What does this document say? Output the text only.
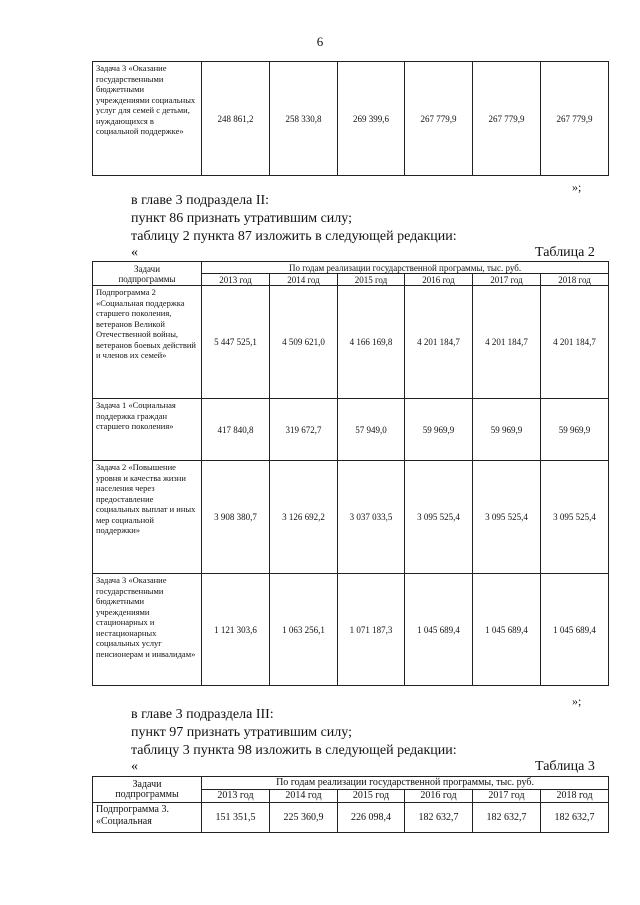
6
Задача 3 «Оказание государственными бюджетными учреждениями социальных услуг для семей с детьми, нуждающихся в социальной поддержке»	248 861,2	258 330,8	269 399,6	267 779,9	267 779,9	267 779,9
»;
в главе 3 подраздела II:
пункт 86 признать утратившим силу;
таблицу 2 пункта 87 изложить в следующей редакции:
«	Таблица 2
Задачи
подпрограммы	По годам реализации государственной программы, тыс. руб.					
	2013 год	2014 год	2015 год	2016 год	2017 год	2018 год
Подпрограмма 2 «Социальная поддержка старшего поколения, ветеранов Великой Отечественной войны, ветеранов боевых действий и членов их семей»	5 447 525,1	4 509 621,0	4 166 169,8	4 201 184,7	4 201 184,7	4 201 184,7
Задача 1 «Социальная поддержка граждан старшего поколения»	417 840,8	319 672,7	57 949,0	59 969,9	59 969,9	59 969,9
Задача 2 «Повышение уровня и качества жизни населения через предоставление социальных выплат и иных мер социальной поддержки»	3 908 380,7	3 126 692,2	3 037 033,5	3 095 525,4	3 095 525,4	3 095 525,4
Задача 3 «Оказание государственными бюджетными учреждениями стационарных и нестационарных социальных услуг пенсионерам и инвалидам»	1 121 303,6	1 063 256,1	1 071 187,3	1 045 689,4	1 045 689,4	1 045 689,4
»;
в главе 3 подраздела III:
пункт 97 признать утратившим силу;
таблицу 3 пункта 98 изложить в следующей редакции:
«	Таблица 3
Задачи
подпрограммы	По годам реализации государственной программы, тыс. руб.					
	2013 год	2014 год	2015 год	2016 год	2017 год	2018 год
Подпрограмма 3. «Социальная	151 351,5	225 360,9	226 098,4	182 632,7	182 632,7	182 632,7
